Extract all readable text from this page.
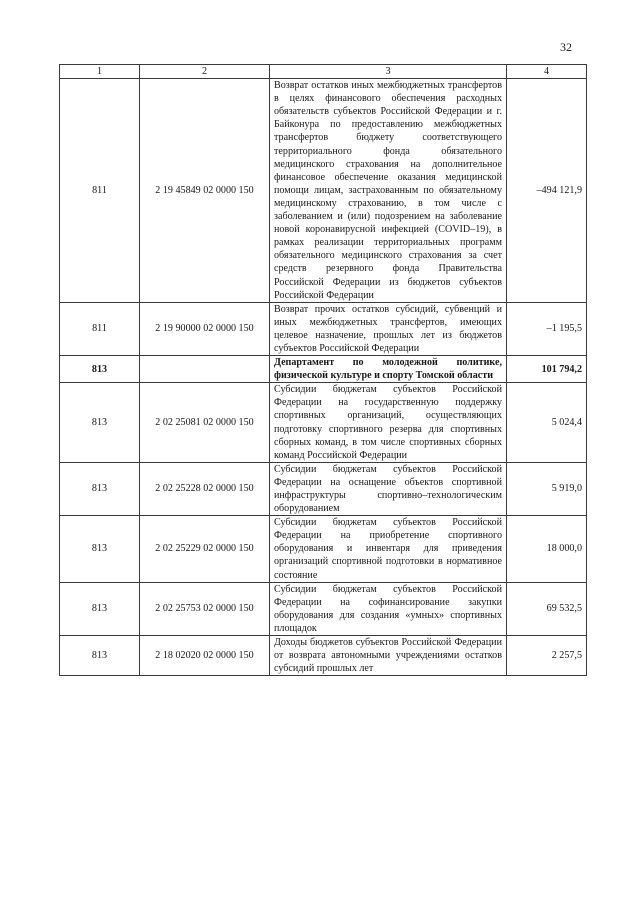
32
1	2	3	4
811	2 19 45849 02 0000 150	Возврат остатков иных межбюджетных трансфертов в целях финансового обеспечения расходных обязательств субъектов Российской Федерации и г. Байконура по предоставлению межбюджетных трансфертов бюджету соответствующего территориального фонда обязательного медицинского страхования на дополнительное финансовое обеспечение оказания медицинской помощи лицам, застрахованным по обязательному медицинскому страхованию, в том числе с заболеванием и (или) подозрением на заболевание новой коронавирусной инфекцией (COVID–19), в рамках реализации территориальных программ обязательного медицинского страхования за счет средств резервного фонда Правительства Российской Федерации из бюджетов субъектов Российской Федерации	–494 121,9
811	2 19 90000 02 0000 150	Возврат прочих остатков субсидий, субвенций и иных межбюджетных трансфертов, имеющих целевое назначение, прошлых лет из бюджетов субъектов Российской Федерации	–1 195,5
813		Департамент по молодежной политике, физической культуре и спорту Томской области	101 794,2
813	2 02 25081 02 0000 150	Субсидии бюджетам субъектов Российской Федерации на государственную поддержку спортивных организаций, осуществляющих подготовку спортивного резерва для спортивных сборных команд, в том числе спортивных сборных команд Российской Федерации	5 024,4
813	2 02 25228 02 0000 150	Субсидии бюджетам субъектов Российской Федерации на оснащение объектов спортивной инфраструктуры спортивно–технологическим оборудованием	5 919,0
813	2 02 25229 02 0000 150	Субсидии бюджетам субъектов Российской Федерации на приобретение спортивного оборудования и инвентаря для приведения организаций спортивной подготовки в нормативное состояние	18 000,0
813	2 02 25753 02 0000 150	Субсидии бюджетам субъектов Российской Федерации на софинансирование закупки оборудования для создания «умных» спортивных площадок	69 532,5
813	2 18 02020 02 0000 150	Доходы бюджетов субъектов Российской Федерации от возврата автономными учреждениями остатков субсидий прошлых лет	2 257,5
